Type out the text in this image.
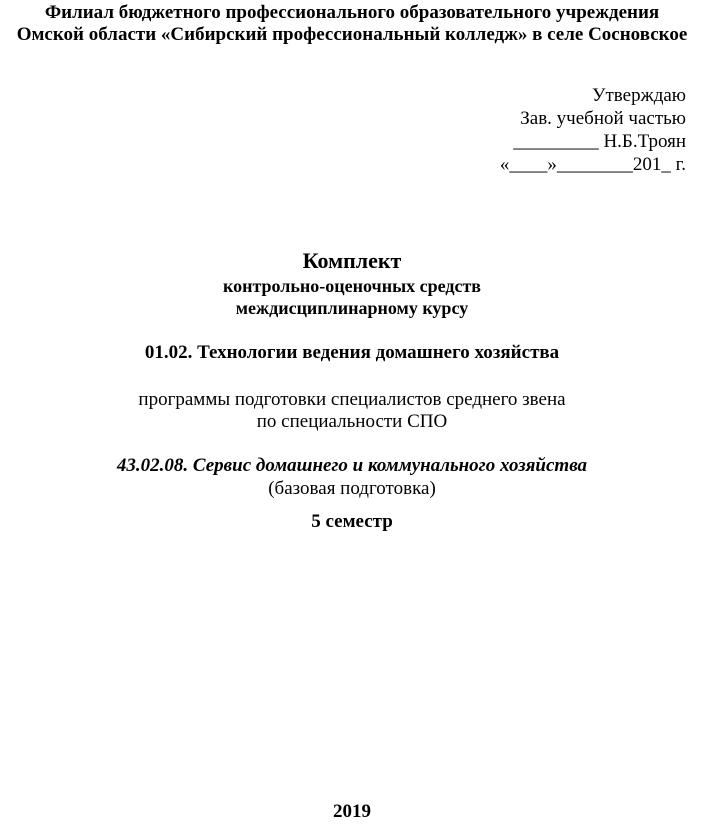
Филиал бюджетного профессионального образовательного учреждения
Омской области «Сибирский профессиональный колледж» в селе Сосновское
Утверждаю
Зав. учебной частью
_________ Н.Б.Троян
«____»________201_ г.
Комплект
контрольно-оценочных средств
междисциплинарному курсу
01.02. Технологии ведения домашнего хозяйства
программы подготовки специалистов среднего звена
по специальности СПО
43.02.08. Сервис домашнего и коммунального хозяйства
(базовая подготовка)
5 семестр
2019
